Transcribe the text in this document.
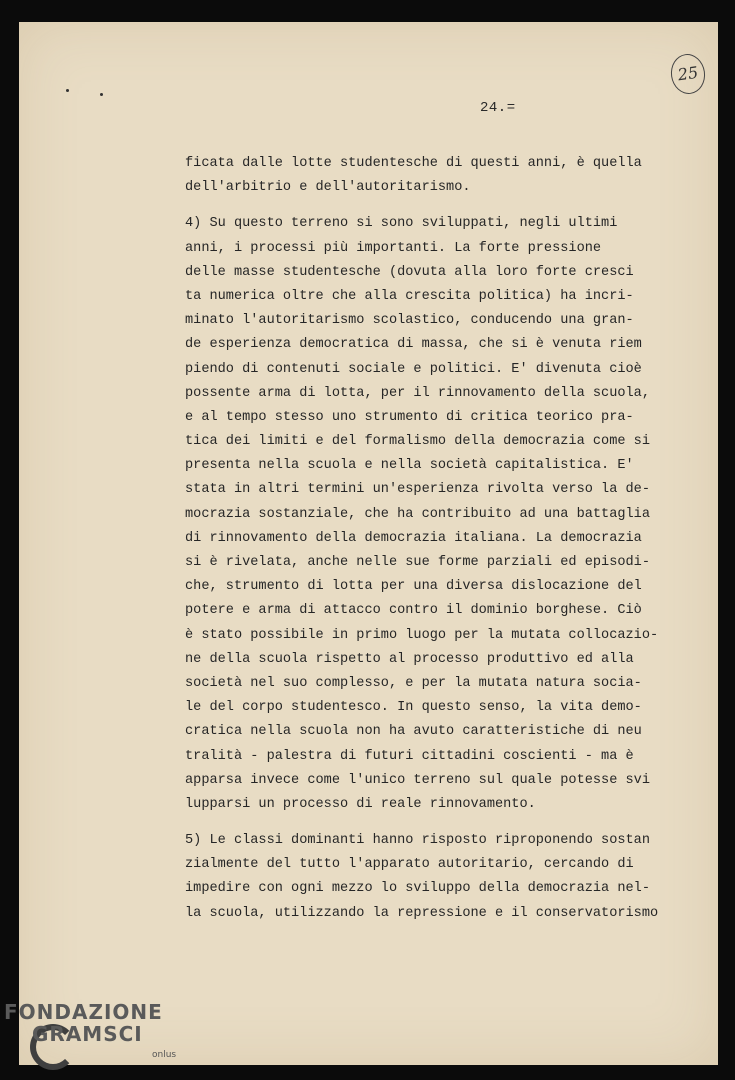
25
24.=
ficata dalle lotte studentesche di questi anni, è quella
dell'arbitrio e dell'autoritarismo.
4) Su questo terreno si sono sviluppati, negli ultimi
anni, i processi più importanti. La forte pressione
delle masse studentesche (dovuta alla loro forte cresci
ta numerica oltre che alla crescita politica) ha incri-
minato l'autoritarismo scolastico, conducendo una gran-
de esperienza democratica di massa, che si è venuta riem
piendo di contenuti sociale e politici. E' divenuta cioè
possente arma di lotta, per il rinnovamento della scuola,
e al tempo stesso uno strumento di critica teorico pra-
tica dei limiti e del formalismo della democrazia come si
presenta nella scuola e nella società capitalistica. E'
stata in altri termini un'esperienza rivolta verso la de-
mocrazia sostanziale, che ha contribuito ad una battaglia
di rinnovamento della democrazia italiana. La democrazia
si è rivelata, anche nelle sue forme parziali ed episodi-
che, strumento di lotta per una diversa dislocazione del
potere e arma di attacco contro il dominio borghese. Ciò
è stato possibile in primo luogo per la mutata collocazio-
ne della scuola rispetto al processo produttivo ed alla
società nel suo complesso, e per la mutata natura socia-
le del corpo studentesco. In questo senso, la vita demo-
cratica nella scuola non ha avuto caratteristiche di neu
tralità - palestra di futuri cittadini coscienti - ma è
apparsa invece come l'unico terreno sul quale potesse svi
lupparsi un processo di reale rinnovamento.
5) Le classi dominanti hanno risposto riproponendo sostan
zialmente del tutto l'apparato autoritario, cercando di
impedire con ogni mezzo lo sviluppo della democrazia nel-
la scuola, utilizzando la repressione e il conservatorismo
FONDAZIONE
GRAMSCI
onlus
